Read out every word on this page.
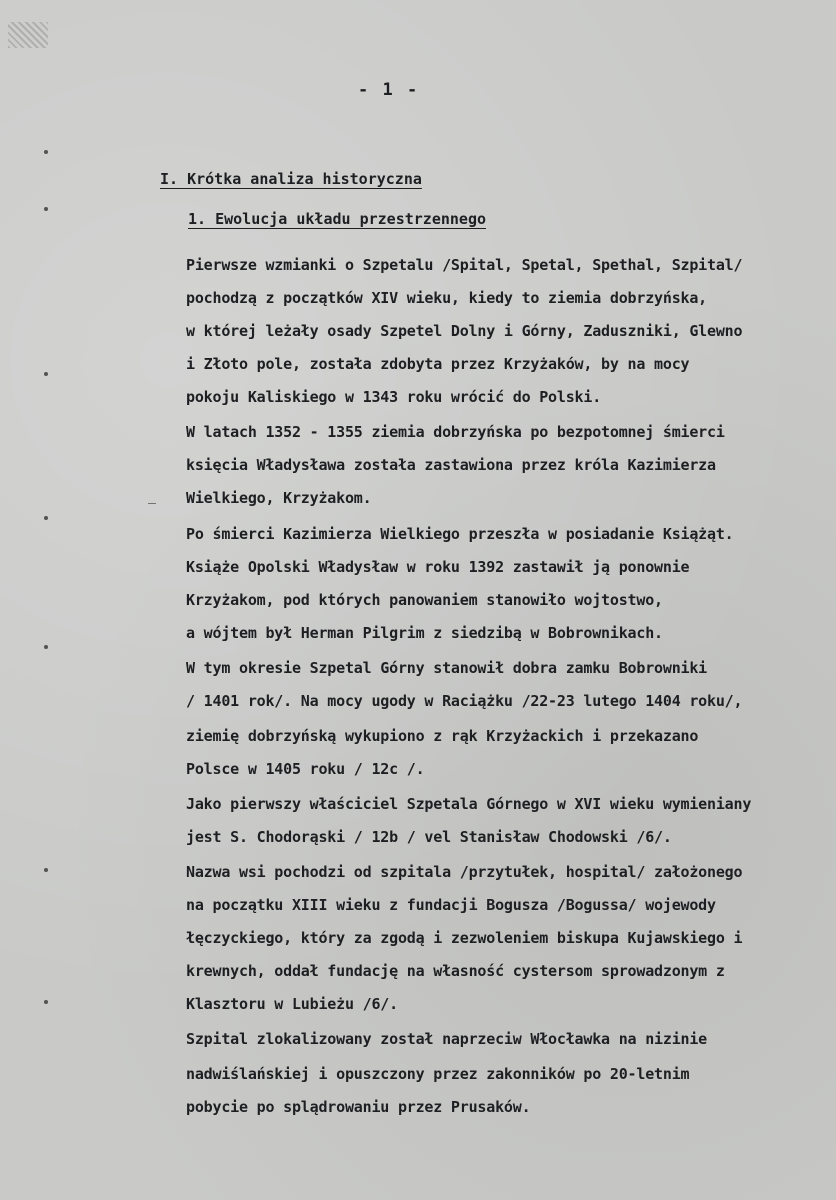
- 1 -
I. Krótka analiza historyczna
1. Ewolucja układu przestrzennego
Pierwsze wzmianki o Szpetalu /Spital, Spetal, Spethal, Szpital/
pochodzą z początków XIV wieku, kiedy to ziemia dobrzyńska,
w której leżały osady Szpetel Dolny i Górny, Zaduszniki, Glewno
i Złoto pole, została zdobyta przez Krzyżaków, by na mocy
pokoju Kaliskiego w 1343 roku wrócić do Polski.
W latach 1352 - 1355 ziemia dobrzyńska po bezpotomnej śmierci
księcia Władysława została zastawiona przez króla Kazimierza
Wielkiego, Krzyżakom.
Po śmierci Kazimierza Wielkiego przeszła w posiadanie Książąt.
Książe Opolski Władysław w roku 1392 zastawił ją ponownie
Krzyżakom, pod których panowaniem stanowiło wojtostwo,
a wójtem był Herman Pilgrim z siedzibą w Bobrownikach.
W tym okresie Szpetal Górny stanowił dobra zamku Bobrowniki
/ 1401 rok/. Na mocy ugody w Raciążku /22-23 lutego 1404 roku/,
ziemię dobrzyńską wykupiono z rąk Krzyżackich i przekazano
Polsce w 1405 roku / 12c /.
Jako pierwszy właściciel Szpetala Górnego w XVI wieku wymieniany
jest S. Chodorąski / 12b / vel Stanisław Chodowski /6/.
Nazwa wsi pochodzi od szpitala /przytułek, hospital/ założonego
na początku XIII wieku z fundacji Bogusza /Bogussa/ wojewody
łęczyckiego, który za zgodą i zezwoleniem biskupa Kujawskiego i
krewnych, oddał fundację na własność cystersom sprowadzonym z
Klasztoru w Lubieżu /6/.
Szpital zlokalizowany został naprzeciw Włocławka na nizinie
nadwiślańskiej i opuszczony przez zakonników po 20-letnim
pobycie po splądrowaniu przez Prusaków.
